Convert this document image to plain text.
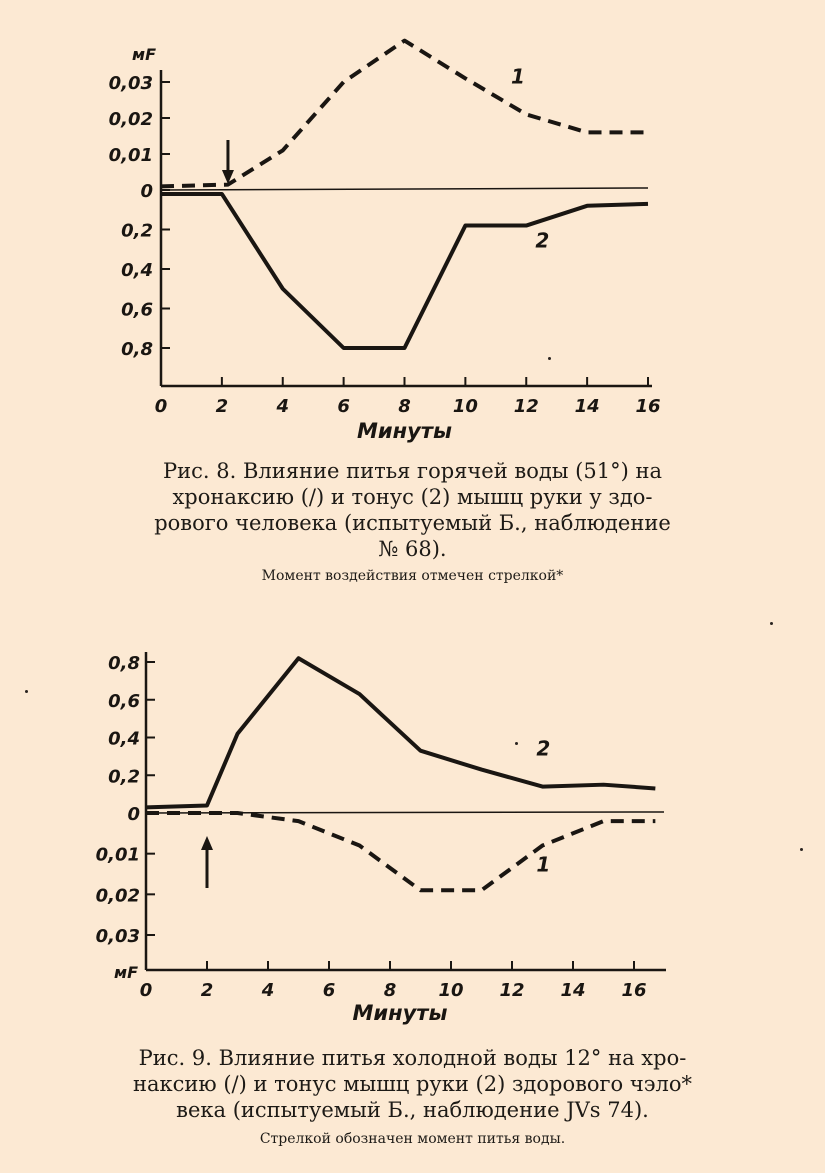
мF
0,03
0,02
0,01
0
0,2
0,4
0,6
0,8
0	2	4	6	8 10 12 14 16
Минуты
1
2
Рис. 8. Влияние питья горячей воды (51°) на
хронаксию (/) и тонус (2) мышц руки у здо-
рового человека (испытуемый Б., наблюдение
№ 68).
Момент воздействия отмечен стрелкой*
мF
0,8
0,6
0,4
0,2
0
0,01
0,02
0,03
0	2	4	6	8 10 12 14 16
Минуты
2
1
Рис. 9. Влияние питья холодной воды 12° на хро-
наксию (/) и тонус мышц руки (2) здорового чэло*
века (испытуемый Б., наблюдение JVs 74).
Стрелкой обозначен момент питья воды.
